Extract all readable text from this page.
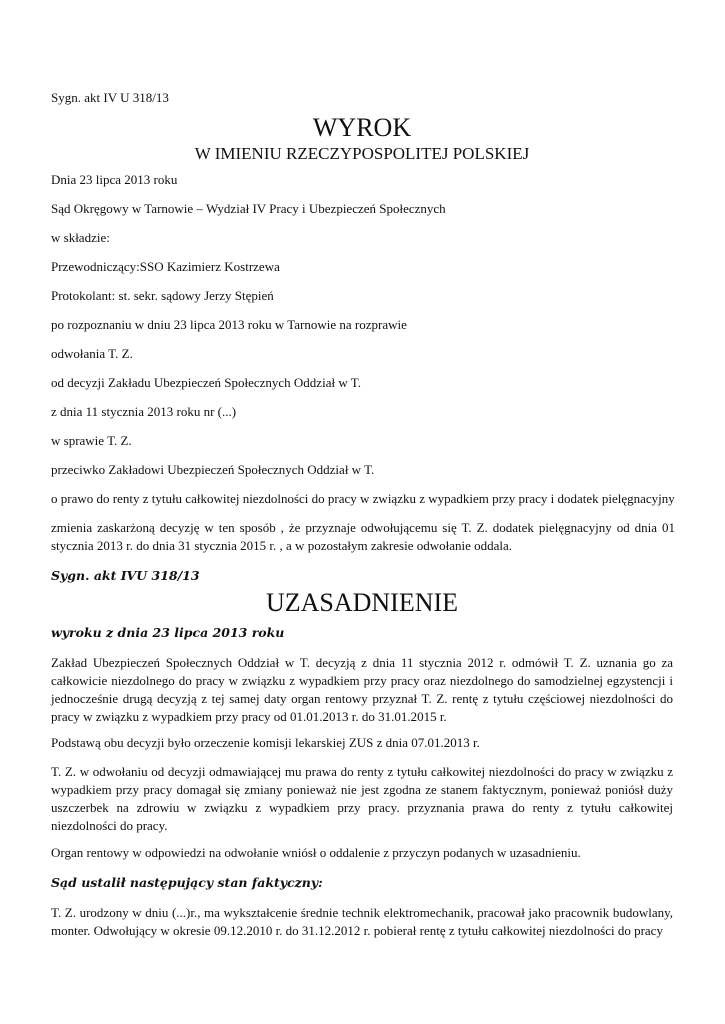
Sygn. akt IV U 318/13
WYROK
W IMIENIU RZECZYPOSPOLITEJ POLSKIEJ
Dnia 23 lipca 2013 roku
Sąd Okręgowy w Tarnowie – Wydział IV Pracy i Ubezpieczeń Społecznych
w składzie:
Przewodniczący:SSO Kazimierz Kostrzewa
Protokolant: st. sekr. sądowy Jerzy Stępień
po rozpoznaniu w dniu 23 lipca 2013 roku w Tarnowie na rozprawie
odwołania T. Z.
od decyzji Zakładu Ubezpieczeń Społecznych Oddział w T.
z dnia 11 stycznia 2013 roku nr (...)
w sprawie T. Z.
przeciwko Zakładowi Ubezpieczeń Społecznych Oddział w T.
o prawo do renty z tytułu całkowitej niezdolności do pracy w związku z wypadkiem przy pracy i dodatek pielęgnacyjny
zmienia zaskarżoną decyzję w ten sposób , że przyznaje odwołującemu się T. Z. dodatek pielęgnacyjny od dnia 01 stycznia 2013 r. do dnia 31 stycznia 2015 r. , a w pozostałym zakresie odwołanie oddala.
Sygn. akt IVU 318/13
UZASADNIENIE
wyroku z dnia 23 lipca 2013 roku
Zakład Ubezpieczeń Społecznych Oddział w T. decyzją z dnia 11 stycznia 2012 r. odmówił T. Z. uznania go za całkowicie niezdolnego do pracy w związku z wypadkiem przy pracy oraz niezdolnego do samodzielnej egzystencji i jednocześnie drugą decyzją z tej samej daty organ rentowy przyznał T. Z. rentę z tytułu częściowej niezdolności do pracy w związku z wypadkiem przy pracy od 01.01.2013 r. do 31.01.2015 r.
Podstawą obu decyzji było orzeczenie komisji lekarskiej ZUS z dnia 07.01.2013 r.
T. Z. w odwołaniu od decyzji odmawiającej mu prawa do renty z tytułu całkowitej niezdolności do pracy w związku z wypadkiem przy pracy domagał się zmiany ponieważ nie jest zgodna ze stanem faktycznym, ponieważ poniósł duży uszczerbek na zdrowiu w związku z wypadkiem przy pracy. przyznania prawa do renty z tytułu całkowitej niezdolności do pracy.
Organ rentowy w odpowiedzi na odwołanie wniósł o oddalenie z przyczyn podanych w uzasadnieniu.
Sąd ustalił następujący stan faktyczny:
T. Z. urodzony w dniu (...)r., ma wykształcenie średnie technik elektromechanik, pracował jako pracownik budowlany, monter. Odwołujący w okresie 09.12.2010 r. do 31.12.2012 r. pobierał rentę z tytułu całkowitej niezdolności do pracy
